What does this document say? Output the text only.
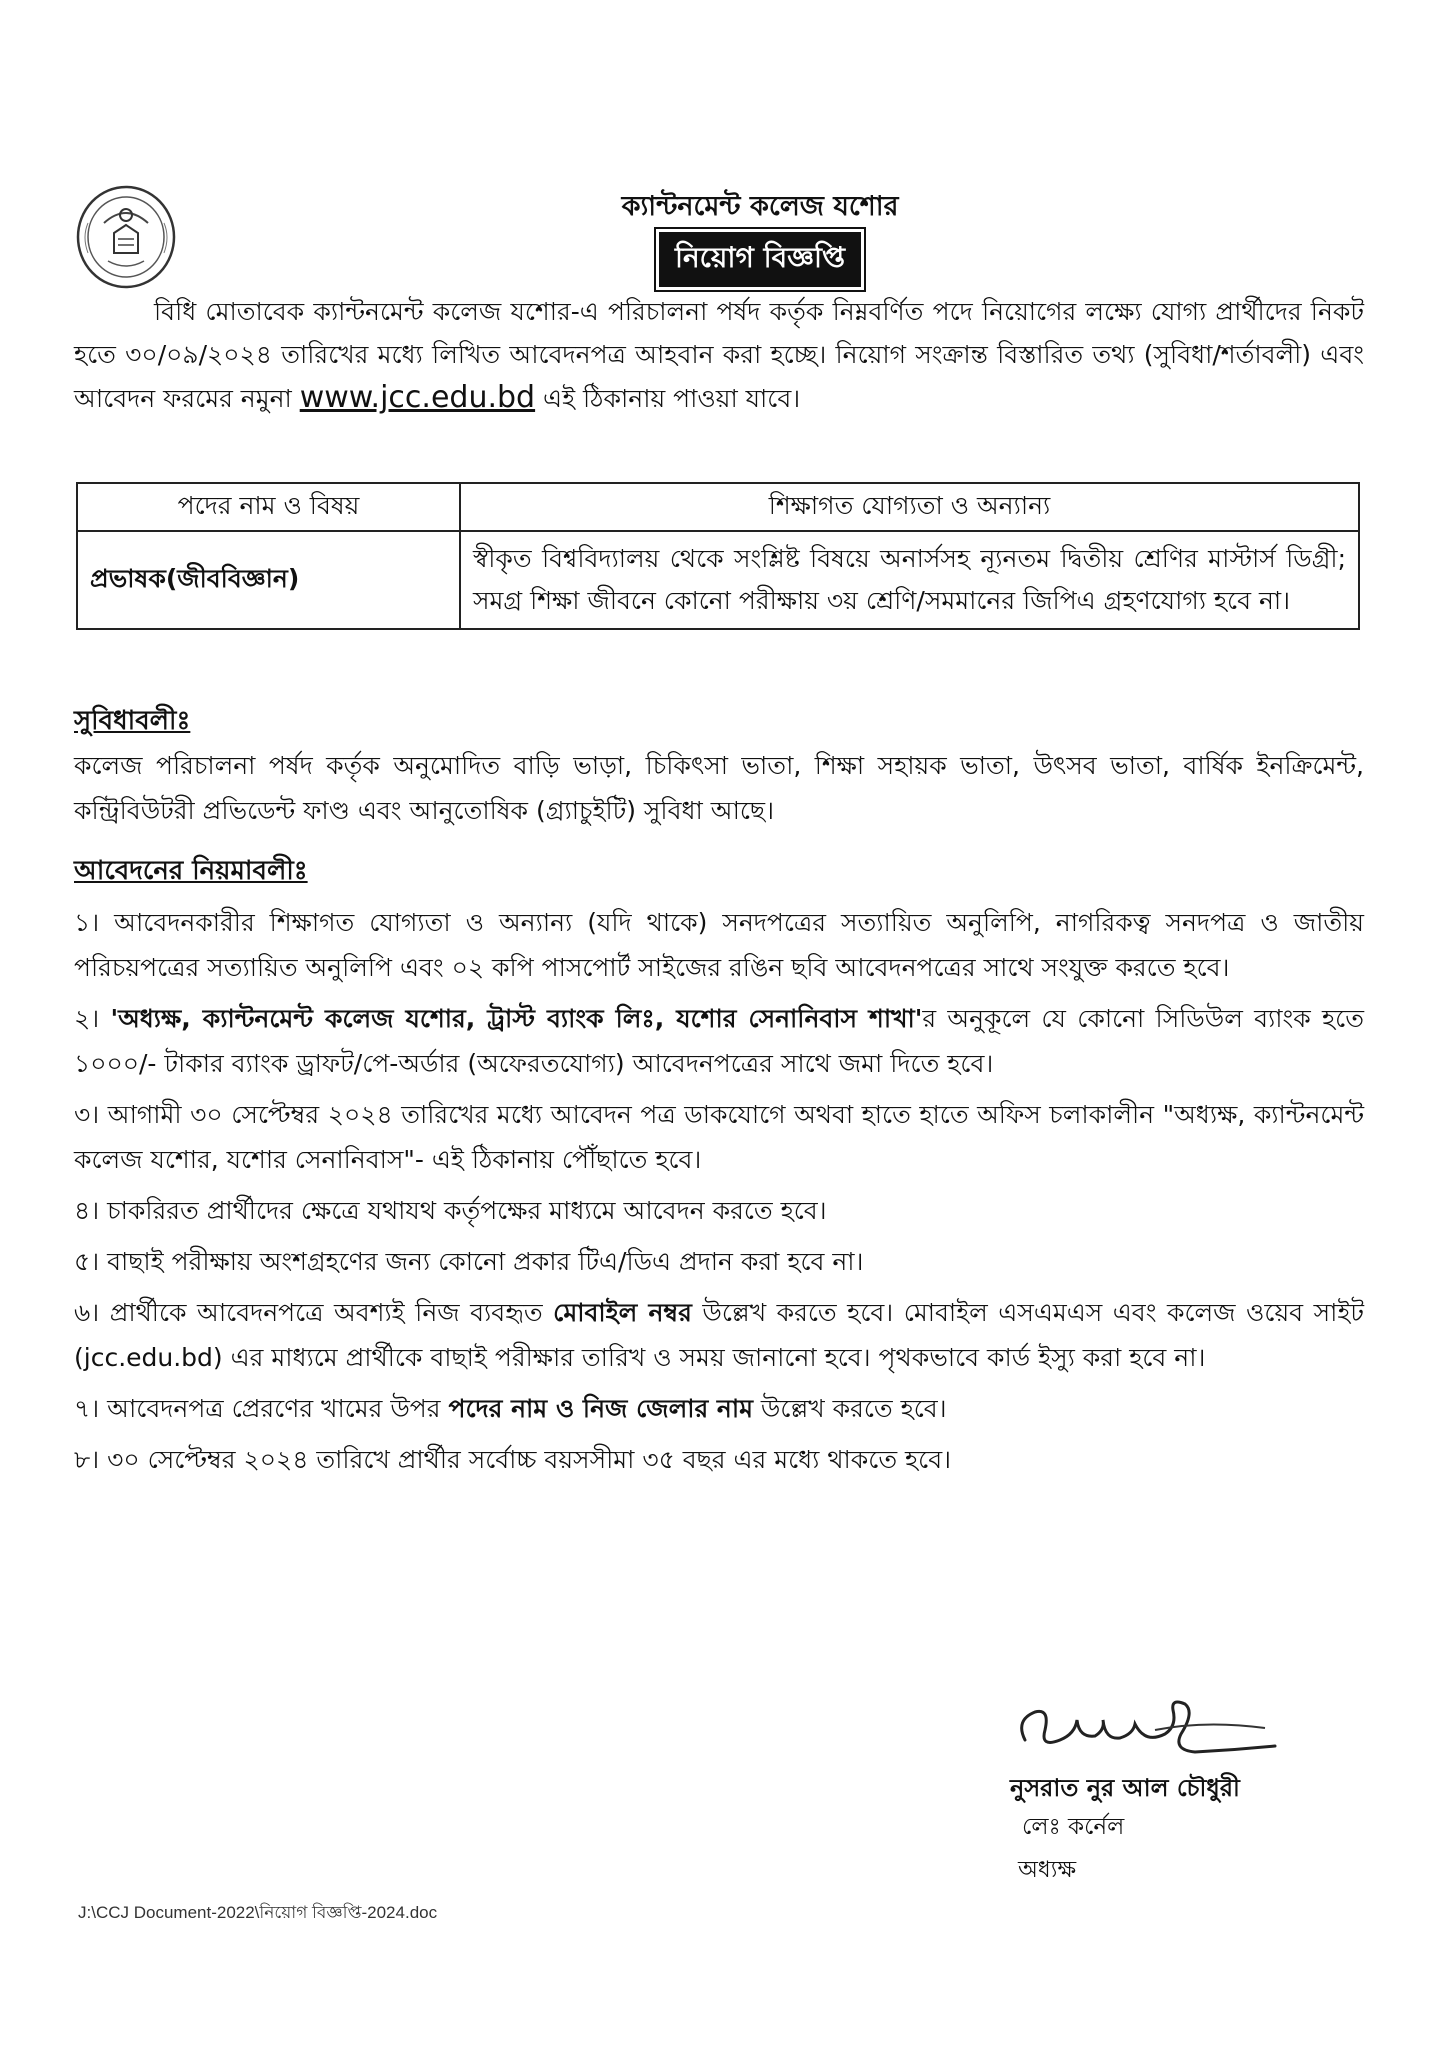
ক্যান্টনমেন্ট কলেজ যশোর
নিয়োগ বিজ্ঞপ্তি
বিধি মোতাবেক ক্যান্টনমেন্ট কলেজ যশোর-এ পরিচালনা পর্ষদ কর্তৃক নিম্নবর্ণিত পদে নিয়োগের লক্ষ্যে যোগ্য প্রার্থীদের নিকট হতে ৩০/০৯/২০২৪ তারিখের মধ্যে লিখিত আবেদনপত্র আহবান করা হচ্ছে। নিয়োগ সংক্রান্ত বিস্তারিত তথ্য (সুবিধা/শর্তাবলী) এবং আবেদন ফরমের নমুনা www.jcc.edu.bd এই ঠিকানায় পাওয়া যাবে।
পদের নাম ও বিষয়	শিক্ষাগত যোগ্যতা ও অন্যান্য
প্রভাষক(জীববিজ্ঞান)	স্বীকৃত বিশ্ববিদ্যালয় থেকে সংশ্লিষ্ট বিষয়ে অনার্সসহ ন্যূনতম দ্বিতীয় শ্রেণির মাস্টার্স ডিগ্রী; সমগ্র শিক্ষা জীবনে কোনো পরীক্ষায় ৩য় শ্রেণি/সমমানের জিপিএ গ্রহণযোগ্য হবে না।
সুবিধাবলীঃ
কলেজ পরিচালনা পর্ষদ কর্তৃক অনুমোদিত বাড়ি ভাড়া, চিকিৎসা ভাতা, শিক্ষা সহায়ক ভাতা, উৎসব ভাতা, বার্ষিক ইনক্রিমেন্ট, কন্ট্রিবিউটরী প্রভিডেন্ট ফাণ্ড এবং আনুতোষিক (গ্র্যাচুইটি) সুবিধা আছে।
আবেদনের নিয়মাবলীঃ
১। আবেদনকারীর শিক্ষাগত যোগ্যতা ও অন্যান্য (যদি থাকে) সনদপত্রের সত্যায়িত অনুলিপি, নাগরিকত্ব সনদপত্র ও জাতীয় পরিচয়পত্রের সত্যায়িত অনুলিপি এবং ০২ কপি পাসপোর্ট সাইজের রঙিন ছবি আবেদনপত্রের সাথে সংযুক্ত করতে হবে।
২। 'অধ্যক্ষ, ক্যান্টনমেন্ট কলেজ যশোর, ট্রাস্ট ব্যাংক লিঃ, যশোর সেনানিবাস শাখা'র অনুকূলে যে কোনো সিডিউল ব্যাংক হতে ১০০০/- টাকার ব্যাংক ড্রাফট/পে-অর্ডার (অফেরতযোগ্য) আবেদনপত্রের সাথে জমা দিতে হবে।
৩। আগামী ৩০ সেপ্টেম্বর ২০২৪ তারিখের মধ্যে আবেদন পত্র ডাকযোগে অথবা হাতে হাতে অফিস চলাকালীন "অধ্যক্ষ, ক্যান্টনমেন্ট কলেজ যশোর, যশোর সেনানিবাস"- এই ঠিকানায় পৌঁছাতে হবে।
৪। চাকরিরত প্রার্থীদের ক্ষেত্রে যথাযথ কর্তৃপক্ষের মাধ্যমে আবেদন করতে হবে।
৫। বাছাই পরীক্ষায় অংশগ্রহণের জন্য কোনো প্রকার টিএ/ডিএ প্রদান করা হবে না।
৬। প্রার্থীকে আবেদনপত্রে অবশ্যই নিজ ব্যবহৃত মোবাইল নম্বর উল্লেখ করতে হবে। মোবাইল এসএমএস এবং কলেজ ওয়েব সাইট (jcc.edu.bd) এর মাধ্যমে প্রার্থীকে বাছাই পরীক্ষার তারিখ ও সময় জানানো হবে। পৃথকভাবে কার্ড ইস্যু করা হবে না।
৭। আবেদনপত্র প্রেরণের খামের উপর পদের নাম ও নিজ জেলার নাম উল্লেখ করতে হবে।
৮। ৩০ সেপ্টেম্বর ২০২৪ তারিখে প্রার্থীর সর্বোচ্চ বয়সসীমা ৩৫ বছর এর মধ্যে থাকতে হবে।
নুসরাত নুর আল চৌধুরী
লেঃ কর্নেল
অধ্যক্ষ
J:\CCJ Document-2022\নিয়োগ বিজ্ঞপ্তি-2024.doc
